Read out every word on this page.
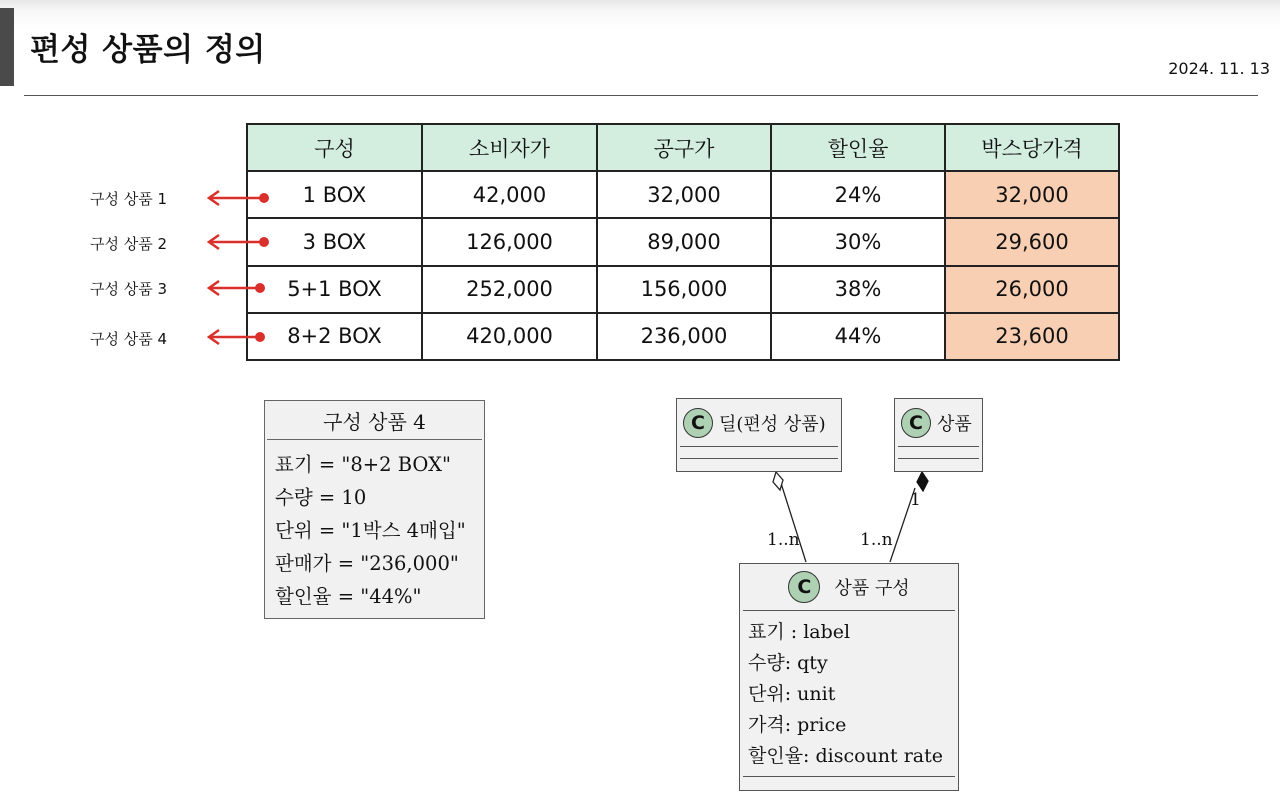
편성 상품의 정의
2024. 11. 13
구성	소비자가	공구가	할인율	박스당가격
1 BOX	42,000	32,000	24%	32,000
3 BOX	126,000	89,000	30%	29,600
5+1 BOX	252,000	156,000	38%	26,000
8+2 BOX	420,000	236,000	44%	23,600
구성 상품 1
구성 상품 2
구성 상품 3
구성 상품 4
구성 상품 4
표기 = "8+2 BOX"
수량 = 10
단위 = "1박스 4매입"
판매가 = "236,000"
할인율 = "44%"
1..n	1..n
1
C 딜(편성 상품)	C 상품
C	상품 구성
표기 : label
수량: qty
단위: unit
가격: price
할인율: discount rate
